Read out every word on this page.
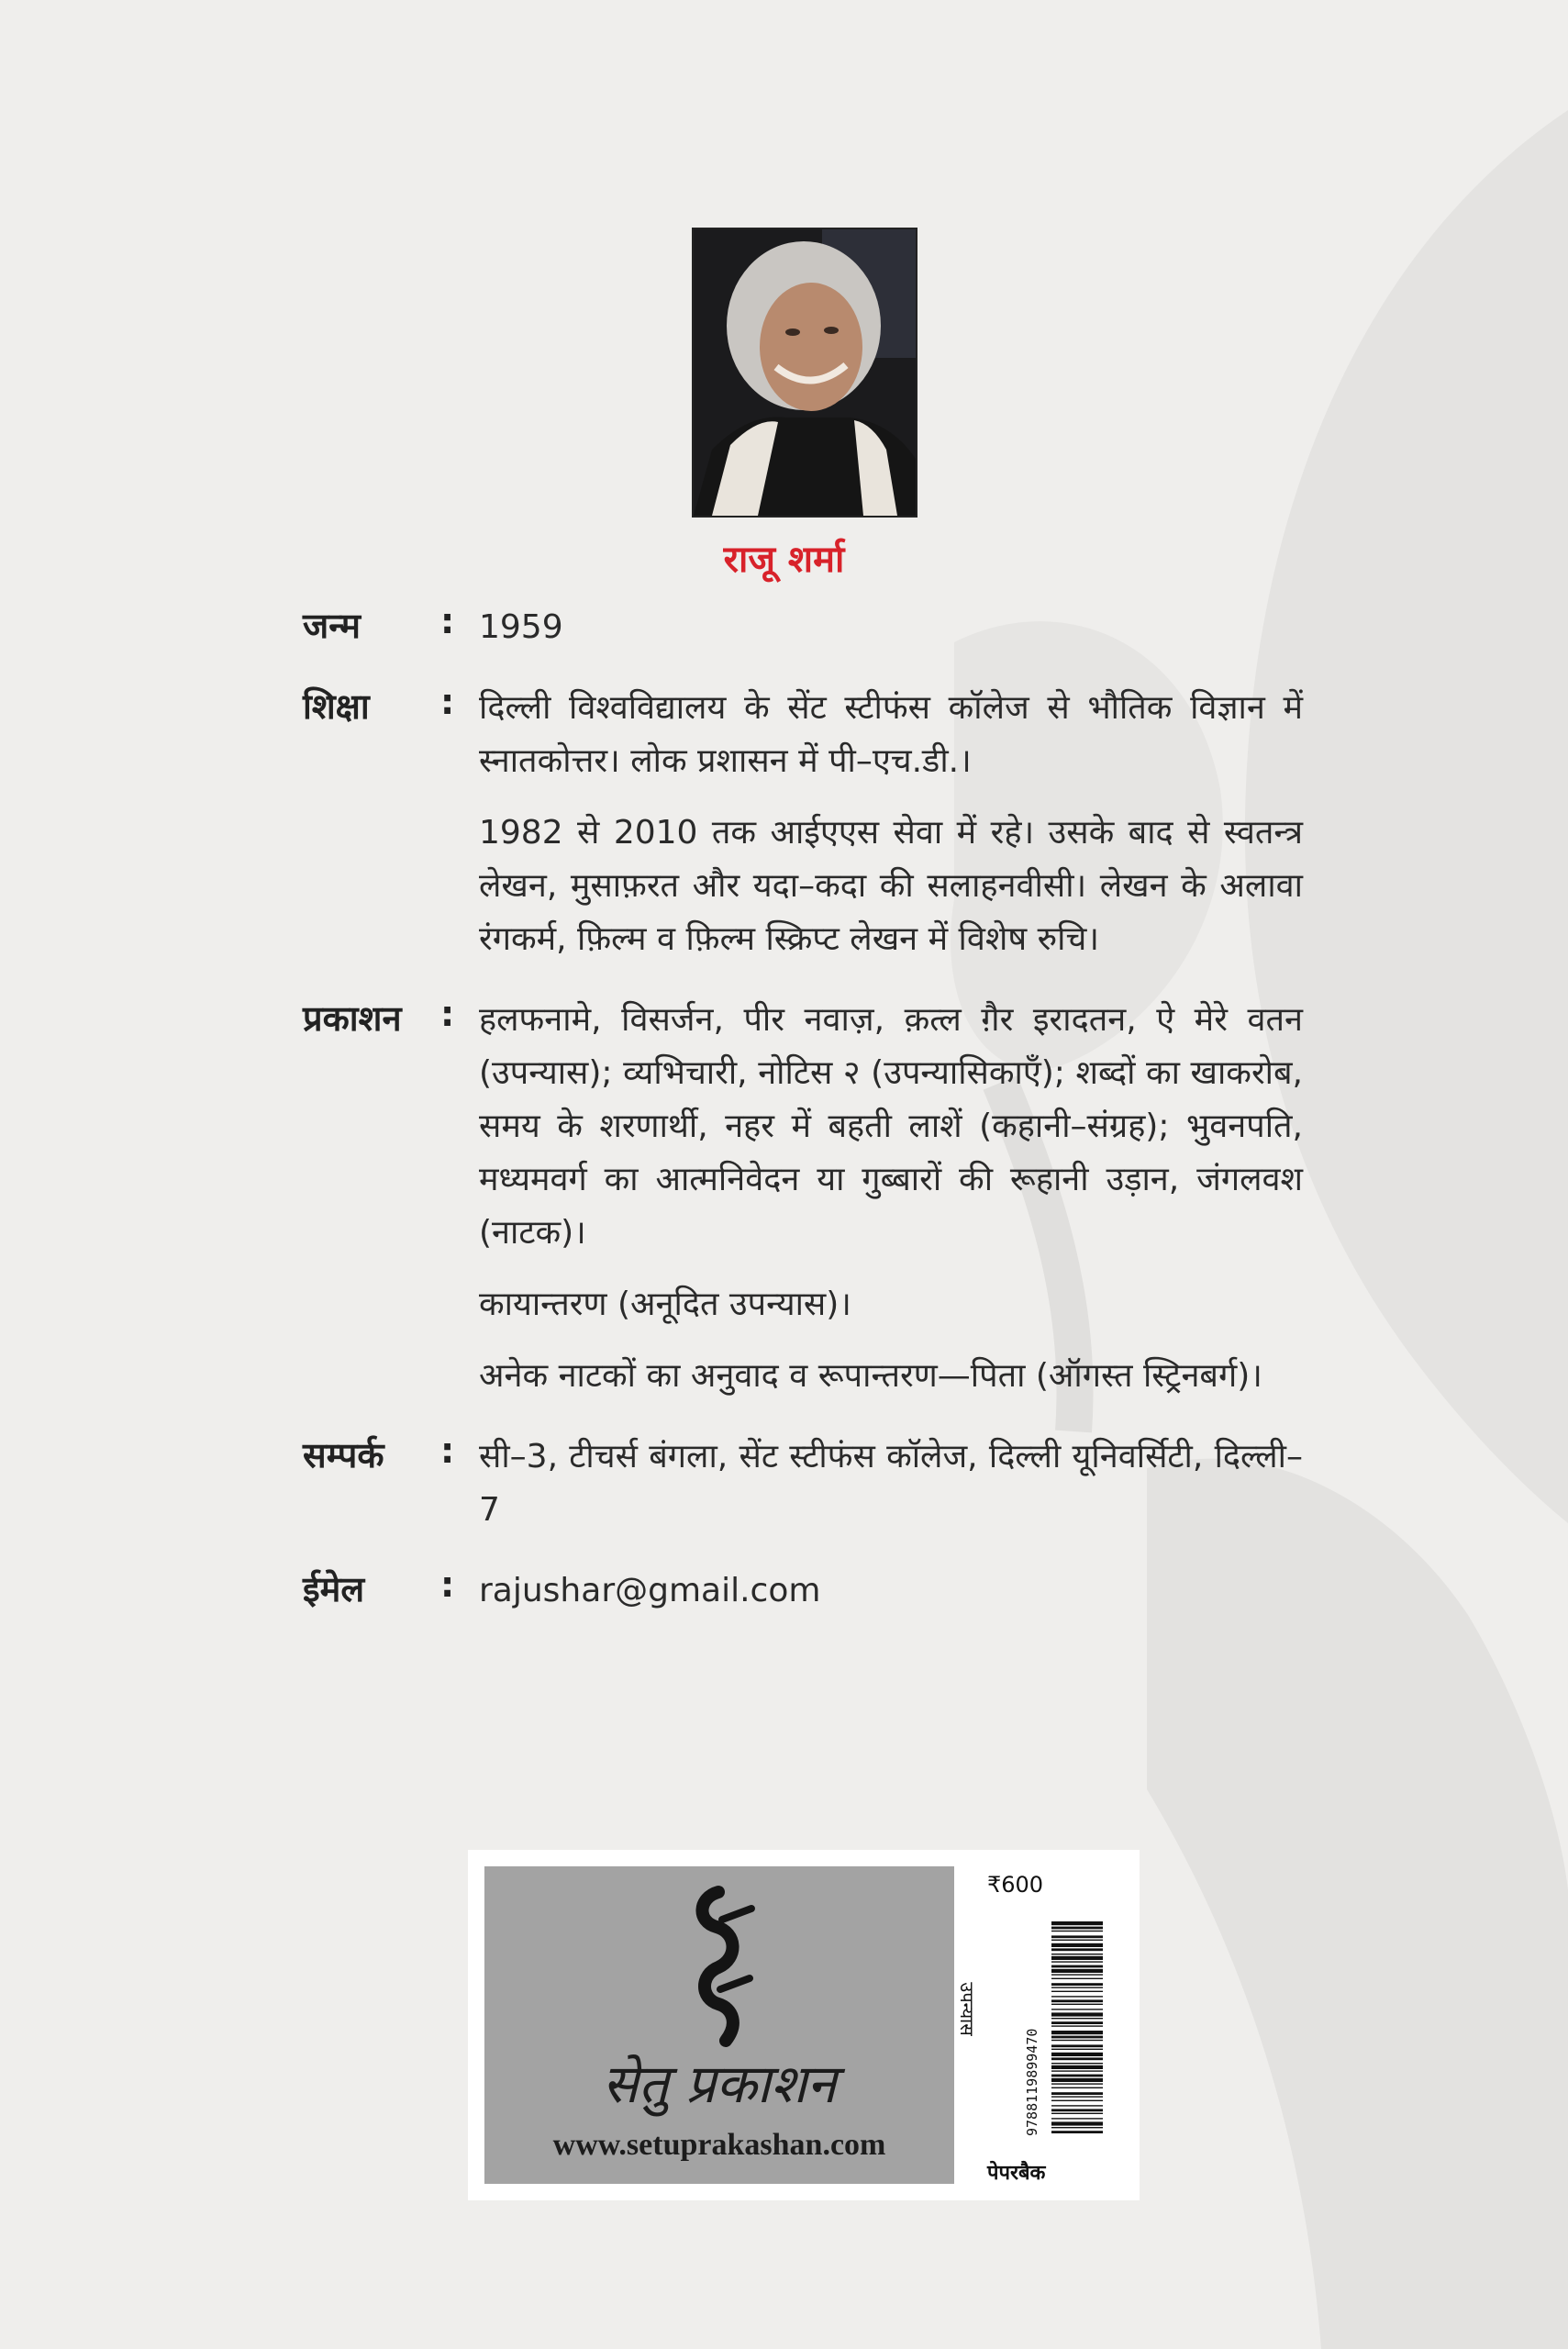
राजू शर्मा
जन्म	: 1959

शिक्षा	: दिल्ली विश्वविद्यालय के सेंट स्टीफंस कॉलेज से भौतिक विज्ञान में स्नातकोत्तर। लोक प्रशासन में पी–एच.डी.।

1982 से 2010 तक आईएएस सेवा में रहे। उसके बाद से स्वतन्त्र लेखन, मुसाफ़रत और यदा–कदा की सलाहनवीसी। लेखन के अलावा रंगकर्म, फ़िल्म व फ़िल्म स्क्रिप्ट लेखन में विशेष रुचि।

प्रकाशन	: हलफनामे, विसर्जन, पीर नवाज़, क़त्ल ग़ैर इरादतन, ऐ मेरे वतन (उपन्यास); व्यभिचारी, नोटिस २ (उपन्यासिकाएँ); शब्दों का खाकरोब, समय के शरणार्थी, नहर में बहती लाशें (कहानी–संग्रह); भुवनपति, मध्यमवर्ग का आत्मनिवेदन या गुब्बारों की रूहानी उड़ान, जंगलवश (नाटक)।

कायान्तरण (अनूदित उपन्यास)।

अनेक नाटकों का अनुवाद व रूपान्तरण—पिता (ऑगस्त स्ट्रिनबर्ग)।

सम्पर्क	: सी–3, टीचर्स बंगला, सेंट स्टीफंस कॉलेज, दिल्ली यूनिवर्सिटी, दिल्ली–7

ईमेल	: rajushar@gmail.com

सेतु प्रकाशन
www.setuprakashan.com
₹600
उपन्यास
9788119899470
पेपरबैक
